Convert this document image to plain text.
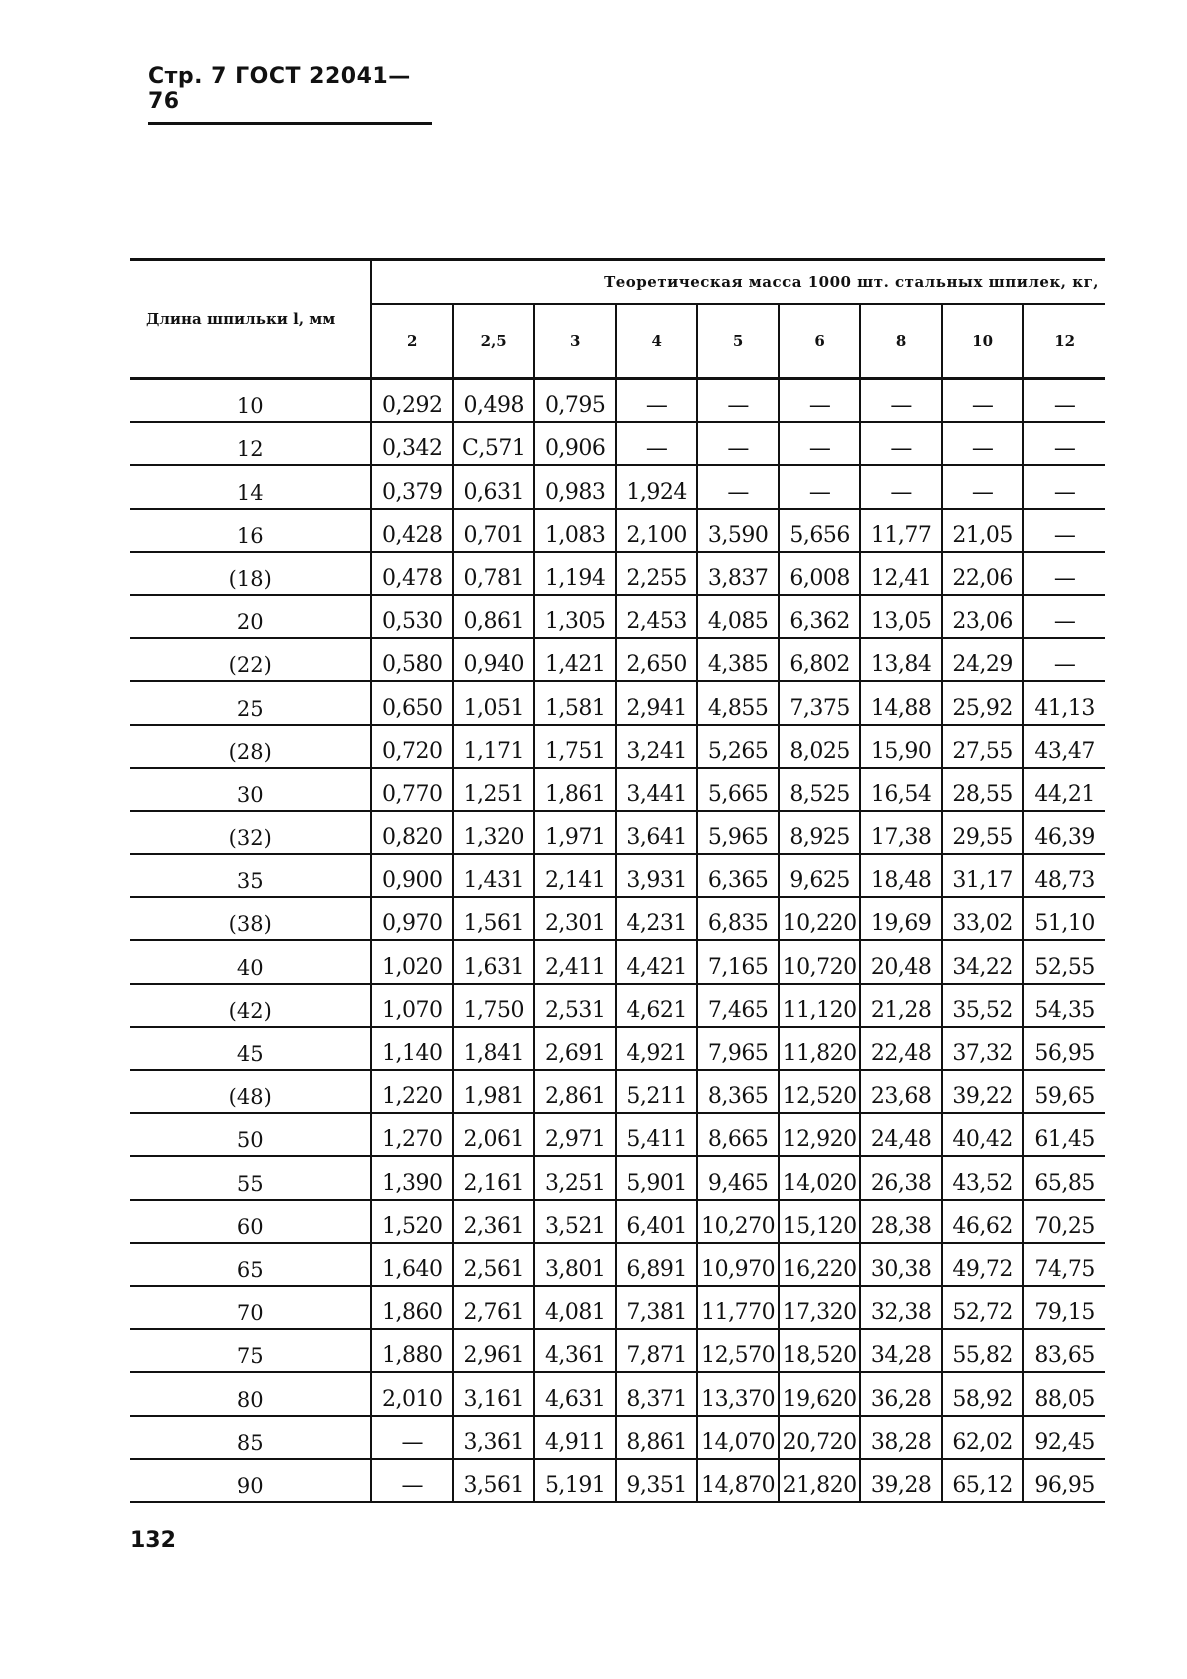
Стр. 7 ГОСТ 22041—76
Длина шпильки l, мм	Теоретическая масса 1000 шт. стальных шпилек, кг,								
	2	2,5	3	4	5	6	8	10	12

10	0,292	0,498	0,795	—	—	—	—	—	—

12	0,342	С,571	0,906	—	—	—	—	—	—

14	0,379	0,631	0,983	1,924	—	—	—	—	—

16	0,428	0,701	1,083	2,100	3,590	5,656	11,77	21,05	—

(18)	0,478	0,781	1,194	2,255	3,837	6,008	12,41	22,06	—

20	0,530	0,861	1,305	2,453	4,085	6,362	13,05	23,06	—

(22)	0,580	0,940	1,421	2,650	4,385	6,802	13,84	24,29	—

25	0,650	1,051	1,581	2,941	4,855	7,375	14,88	25,92	41,13

(28)	0,720	1,171	1,751	3,241	5,265	8,025	15,90	27,55	43,47

30	0,770	1,251	1,861	3,441	5,665	8,525	16,54	28,55	44,21

(32)	0,820	1,320	1,971	3,641	5,965	8,925	17,38	29,55	46,39

35	0,900	1,431	2,141	3,931	6,365	9,625	18,48	31,17	48,73

(38)	0,970	1,561	2,301	4,231	6,835	10,220	19,69	33,02	51,10

40	1,020	1,631	2,411	4,421	7,165	10,720	20,48	34,22	52,55

(42)	1,070	1,750	2,531	4,621	7,465	11,120	21,28	35,52	54,35

45	1,140	1,841	2,691	4,921	7,965	11,820	22,48	37,32	56,95

(48)	1,220	1,981	2,861	5,211	8,365	12,520	23,68	39,22	59,65

50	1,270	2,061	2,971	5,411	8,665	12,920	24,48	40,42	61,45

55	1,390	2,161	3,251	5,901	9,465	14,020	26,38	43,52	65,85

60	1,520	2,361	3,521	6,401	10,270	15,120	28,38	46,62	70,25

65	1,640	2,561	3,801	6,891	10,970	16,220	30,38	49,72	74,75

70	1,860	2,761	4,081	7,381	11,770	17,320	32,38	52,72	79,15

75	1,880	2,961	4,361	7,871	12,570	18,520	34,28	55,82	83,65

80	2,010	3,161	4,631	8,371	13,370	19,620	36,28	58,92	88,05

85	—	3,361	4,911	8,861	14,070	20,720	38,28	62,02	92,45

90	—	3,561	5,191	9,351	14,870	21,820	39,28	65,12	96,95
132
